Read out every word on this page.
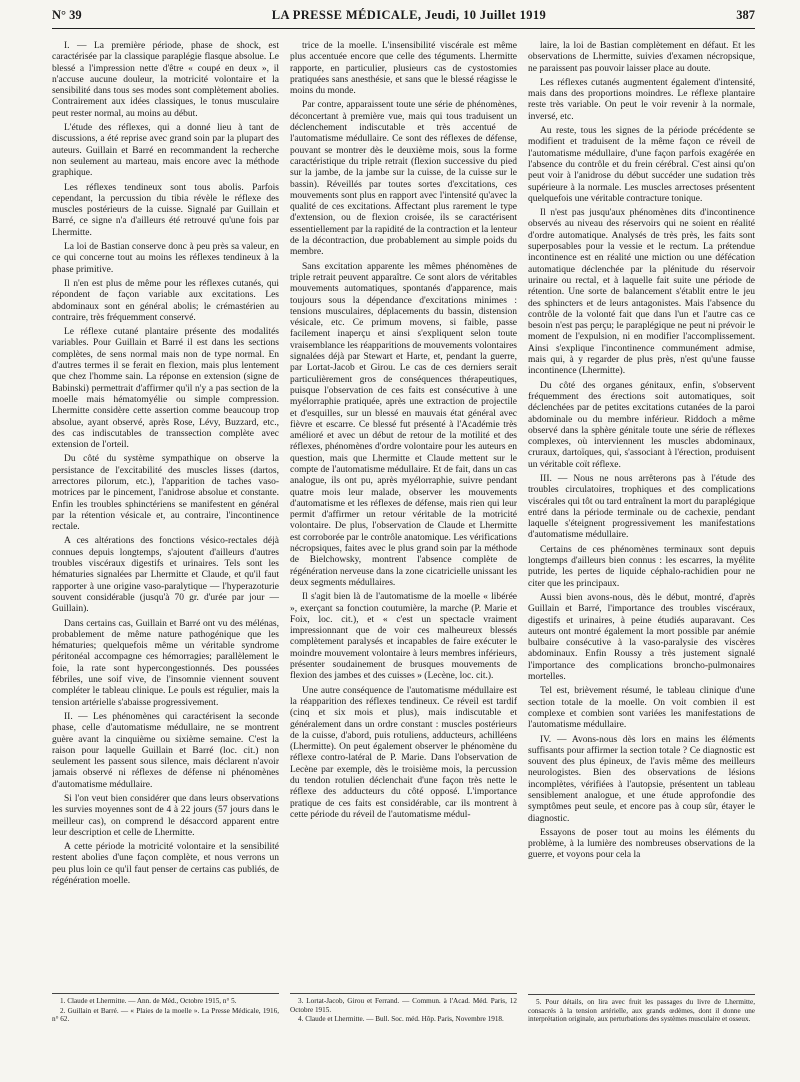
N° 39	LA PRESSE MÉDICALE, Jeudi, 10 Juillet 1919	387

I. — La première période, phase de shock, est caractérisée par la classique paraplégie flasque absolue. Le blessé a l'impression nette d'être « coupé en deux », il n'accuse aucune douleur, la motricité volontaire et la sensibilité dans tous ses modes sont complètement abolies. Contrairement aux idées classiques, le tonus musculaire peut rester normal, au moins au début.

L'étude des réflexes, qui a donné lieu à tant de discussions, a été reprise avec grand soin par la plupart des auteurs. Guillain et Barré en recommandent la recherche non seulement au marteau, mais encore avec la méthode graphique.

Les réflexes tendineux sont tous abolis. Parfois cependant, la percussion du tibia révèle le réflexe des muscles postérieurs de la cuisse. Signalé par Guillain et Barré, ce signe n'a d'ailleurs été retrouvé qu'une fois par Lhermitte.

La loi de Bastian conserve donc à peu près sa valeur, en ce qui concerne tout au moins les réflexes tendineux à la phase primitive.

Il n'en est plus de même pour les réflexes cutanés, qui répondent de façon variable aux excitations. Les abdominaux sont en général abolis; le crémastérien au contraire, très fréquemment conservé.

Le réflexe cutané plantaire présente des modalités variables. Pour Guillain et Barré il est dans les sections complètes, de sens normal mais non de type normal. En d'autres termes il se ferait en flexion, mais plus lentement que chez l'homme sain. La réponse en extension (signe de Babinski) permettrait d'affirmer qu'il n'y a pas section de la moelle mais hématomyélie ou simple compression. Lhermitte considère cette assertion comme beaucoup trop absolue, ayant observé, après Rose, Lévy, Buzzard, etc., des cas indiscutables de transsection complète avec extension de l'orteil.

Du côté du système sympathique on observe la persistance de l'excitabilité des muscles lisses (dartos, arrectores pilorum, etc.), l'apparition de taches vaso-motrices par le pincement, l'anidrose absolue et constante. Enfin les troubles sphinctériens se manifestent en général par la rétention vésicale et, au contraire, l'incontinence rectale.

A ces altérations des fonctions vésico-rectales déjà connues depuis longtemps, s'ajoutent d'ailleurs d'autres troubles viscéraux digestifs et urinaires. Tels sont les hématuries signalées par Lhermitte et Claude, et qu'il faut rapporter à une origine vaso-paralytique — l'hyperazoturie souvent considérable (jusqu'à 70 gr. d'urée par jour — Guillain).

Dans certains cas, Guillain et Barré ont vu des mélénas, probablement de même nature pathogénique que les hématuries; quelquefois même un véritable syndrome péritonéal accompagne ces hémorragies; parallèlement le foie, la rate sont hypercongestionnés. Des poussées fébriles, une soif vive, de l'insomnie viennent souvent compléter le tableau clinique. Le pouls est régulier, mais la tension artérielle s'abaisse progressivement.

II. — Les phénomènes qui caractérisent la seconde phase, celle d'automatisme médullaire, ne se montrent guère avant la cinquième ou sixième semaine. C'est la raison pour laquelle Guillain et Barré (loc. cit.) non seulement les passent sous silence, mais déclarent n'avoir jamais observé ni réflexes de défense ni phénomènes d'automatisme médullaire.

Si l'on veut bien considérer que dans leurs observations les survies moyennes sont de 4 à 22 jours (57 jours dans le meilleur cas), on comprend le désaccord apparent entre leur description et celle de Lhermitte.

A cette période la motricité volontaire et la sensibilité restent abolies d'une façon complète, et nous verrons un peu plus loin ce qu'il faut penser de certains cas publiés, de régénération moelle.

1. Claude et Lhermitte. — Ann. de Méd., Octobre 1915, n° 5.
2. Guillain et Barré. — « Plaies de la moelle ». La Presse Médicale, 1916, n° 62.

trice de la moelle. L'insensibilité viscérale est même plus accentuée encore que celle des téguments. Lhermitte rapporte, en particulier, plusieurs cas de cystostomies pratiquées sans anesthésie, et sans que le blessé réagisse le moins du monde.

Par contre, apparaissent toute une série de phénomènes, déconcertant à première vue, mais qui tous traduisent un déclenchement indiscutable et très accentué de l'automatisme médullaire. Ce sont des réflexes de défense, pouvant se montrer dès le deuxième mois, sous la forme caractéristique du triple retrait (flexion successive du pied sur la jambe, de la jambe sur la cuisse, de la cuisse sur le bassin). Réveillés par toutes sortes d'excitations, ces mouvements sont plus en rapport avec l'intensité qu'avec la qualité de ces excitations. Affectant plus rarement le type d'extension, ou de flexion croisée, ils se caractérisent essentiellement par la rapidité de la contraction et la lenteur de la décontraction, due probablement au simple poids du membre.

Sans excitation apparente les mêmes phénomènes de triple retrait peuvent apparaître. Ce sont alors de véritables mouvements automatiques, spontanés d'apparence, mais toujours sous la dépendance d'excitations minimes : tensions musculaires, déplacements du bassin, distension vésicale, etc. Ce primum movens, si faible, passe facilement inaperçu et ainsi s'expliquent selon toute vraisemblance les réapparitions de mouvements volontaires signalées déjà par Stewart et Harte, et, pendant la guerre, par Lortat-Jacob et Girou. Le cas de ces derniers serait particulièrement gros de conséquences thérapeutiques, puisque l'observation de ces faits est consécutive à une myélorraphie pratiquée, après une extraction de projectile et d'esquilles, sur un blessé en mauvais état général avec fièvre et escarre. Ce blessé fut présenté à l'Académie très amélioré et avec un début de retour de la motilité et des réflexes, phénomènes d'ordre volontaire pour les auteurs en question, mais que Lhermitte et Claude mettent sur le compte de l'automatisme médullaire. Et de fait, dans un cas analogue, ils ont pu, après myélorraphie, suivre pendant quatre mois leur malade, observer les mouvements d'automatisme et les réflexes de défense, mais rien qui leur permit d'affirmer un retour véritable de la motricité volontaire. De plus, l'observation de Claude et Lhermitte est corroborée par le contrôle anatomique. Les vérifications nécropsiques, faites avec le plus grand soin par la méthode de Bielchowsky, montrent l'absence complète de régénération nerveuse dans la zone cicatricielle unissant les deux segments médullaires.

Il s'agit bien là de l'automatisme de la moelle « libérée », exerçant sa fonction coutumière, la marche (P. Marie et Foix, loc. cit.), et « c'est un spectacle vraiment impressionnant que de voir ces malheureux blessés complètement paralysés et incapables de faire exécuter le moindre mouvement volontaire à leurs membres inférieurs, présenter soudainement de brusques mouvements de flexion des jambes et des cuisses » (Lecène, loc. cit.).

Une autre conséquence de l'automatisme médullaire est la réapparition des réflexes tendineux. Ce réveil est tardif (cinq et six mois et plus), mais indiscutable et généralement dans un ordre constant : muscles postérieurs de la cuisse, d'abord, puis rotuliens, adducteurs, achilléens (Lhermitte). On peut également observer le phénomène du réflexe contro-latéral de P. Marie. Dans l'observation de Lecène par exemple, dès le troisième mois, la percussion du tendon rotulien déclenchait d'une façon très nette le réflexe des adducteurs du côté opposé. L'importance pratique de ces faits est considérable, car ils montrent à cette période du réveil de l'automatisme médul-

3. Lortat-Jacob, Girou et Ferrand. — Commun. à l'Acad. Méd. Paris, 12 Octobre 1915.
4. Claude et Lhermitte. — Bull. Soc. méd. Hôp. Paris, Novembre 1918.

laire, la loi de Bastian complètement en défaut. Et les observations de Lhermitte, suivies d'examen nécropsique, ne paraissent pas pouvoir laisser place au doute.

Les réflexes cutanés augmentent également d'intensité, mais dans des proportions moindres. Le réflexe plantaire reste très variable. On peut le voir revenir à la normale, inversé, etc.

Au reste, tous les signes de la période précédente se modifient et traduisent de la même façon ce réveil de l'automatisme médullaire, d'une façon parfois exagérée en l'absence du contrôle et du frein cérébral. C'est ainsi qu'on peut voir à l'anidrose du début succéder une sudation très supérieure à la normale. Les muscles arrectoses présentent quelquefois une véritable contracture tonique.

Il n'est pas jusqu'aux phénomènes dits d'incontinence observés au niveau des réservoirs qui ne soient en réalité d'ordre automatique. Analysés de très près, les faits sont superposables pour la vessie et le rectum. La prétendue incontinence est en réalité une miction ou une défécation automatique déclenchée par la plénitude du réservoir urinaire ou rectal, et à laquelle fait suite une période de rétention. Une sorte de balancement s'établit entre le jeu des sphincters et de leurs antagonistes. Mais l'absence du contrôle de la volonté fait que dans l'un et l'autre cas ce besoin n'est pas perçu; le paraplégique ne peut ni prévoir le moment de l'expulsion, ni en modifier l'accomplissement. Ainsi s'explique l'incontinence communément admise, mais qui, à y regarder de plus près, n'est qu'une fausse incontinence (Lhermitte).

Du côté des organes génitaux, enfin, s'observent fréquemment des érections soit automatiques, soit déclenchées par de petites excitations cutanées de la paroi abdominale ou du membre inférieur. Riddoch a même observé dans la sphère génitale toute une série de réflexes complexes, où interviennent les muscles abdominaux, cruraux, dartoïques, qui, s'associant à l'érection, produisent un véritable coït réflexe.

III. — Nous ne nous arrêterons pas à l'étude des troubles circulatoires, trophiques et des complications viscérales qui tôt ou tard entraînent la mort du paraplégique entré dans la période terminale ou de cachexie, pendant laquelle s'éteignent progressivement les manifestations d'automatisme médullaire.

Certains de ces phénomènes terminaux sont depuis longtemps d'ailleurs bien connus : les escarres, la myélite putride, les pertes de liquide céphalo-rachidien pour ne citer que les principaux.

Aussi bien avons-nous, dès le début, montré, d'après Guillain et Barré, l'importance des troubles viscéraux, digestifs et urinaires, à peine étudiés auparavant. Ces auteurs ont montré également la mort possible par anémie bulbaire consécutive à la vaso-paralysie des viscères abdominaux. Enfin Roussy a très justement signalé l'importance des complications broncho-pulmonaires mortelles.

Tel est, brièvement résumé, le tableau clinique d'une section totale de la moelle. On voit combien il est complexe et combien sont variées les manifestations de l'automatisme médullaire.

IV. — Avons-nous dès lors en mains les éléments suffisants pour affirmer la section totale ? Ce diagnostic est souvent des plus épineux, de l'avis même des meilleurs neurologistes. Bien des observations de lésions incomplètes, vérifiées à l'autopsie, présentent un tableau sensiblement analogue, et une étude approfondie des symptômes peut seule, et encore pas à coup sûr, étayer le diagnostic.

Essayons de poser tout au moins les éléments du problème, à la lumière des nombreuses observations de la guerre, et voyons pour cela la

5. Pour détails, on lira avec fruit les passages du livre de Lhermitte, consacrés à la tension artérielle, aux grands œdèmes, dont il donne une interprétation originale, aux perturbations des systèmes musculaire et osseux.
